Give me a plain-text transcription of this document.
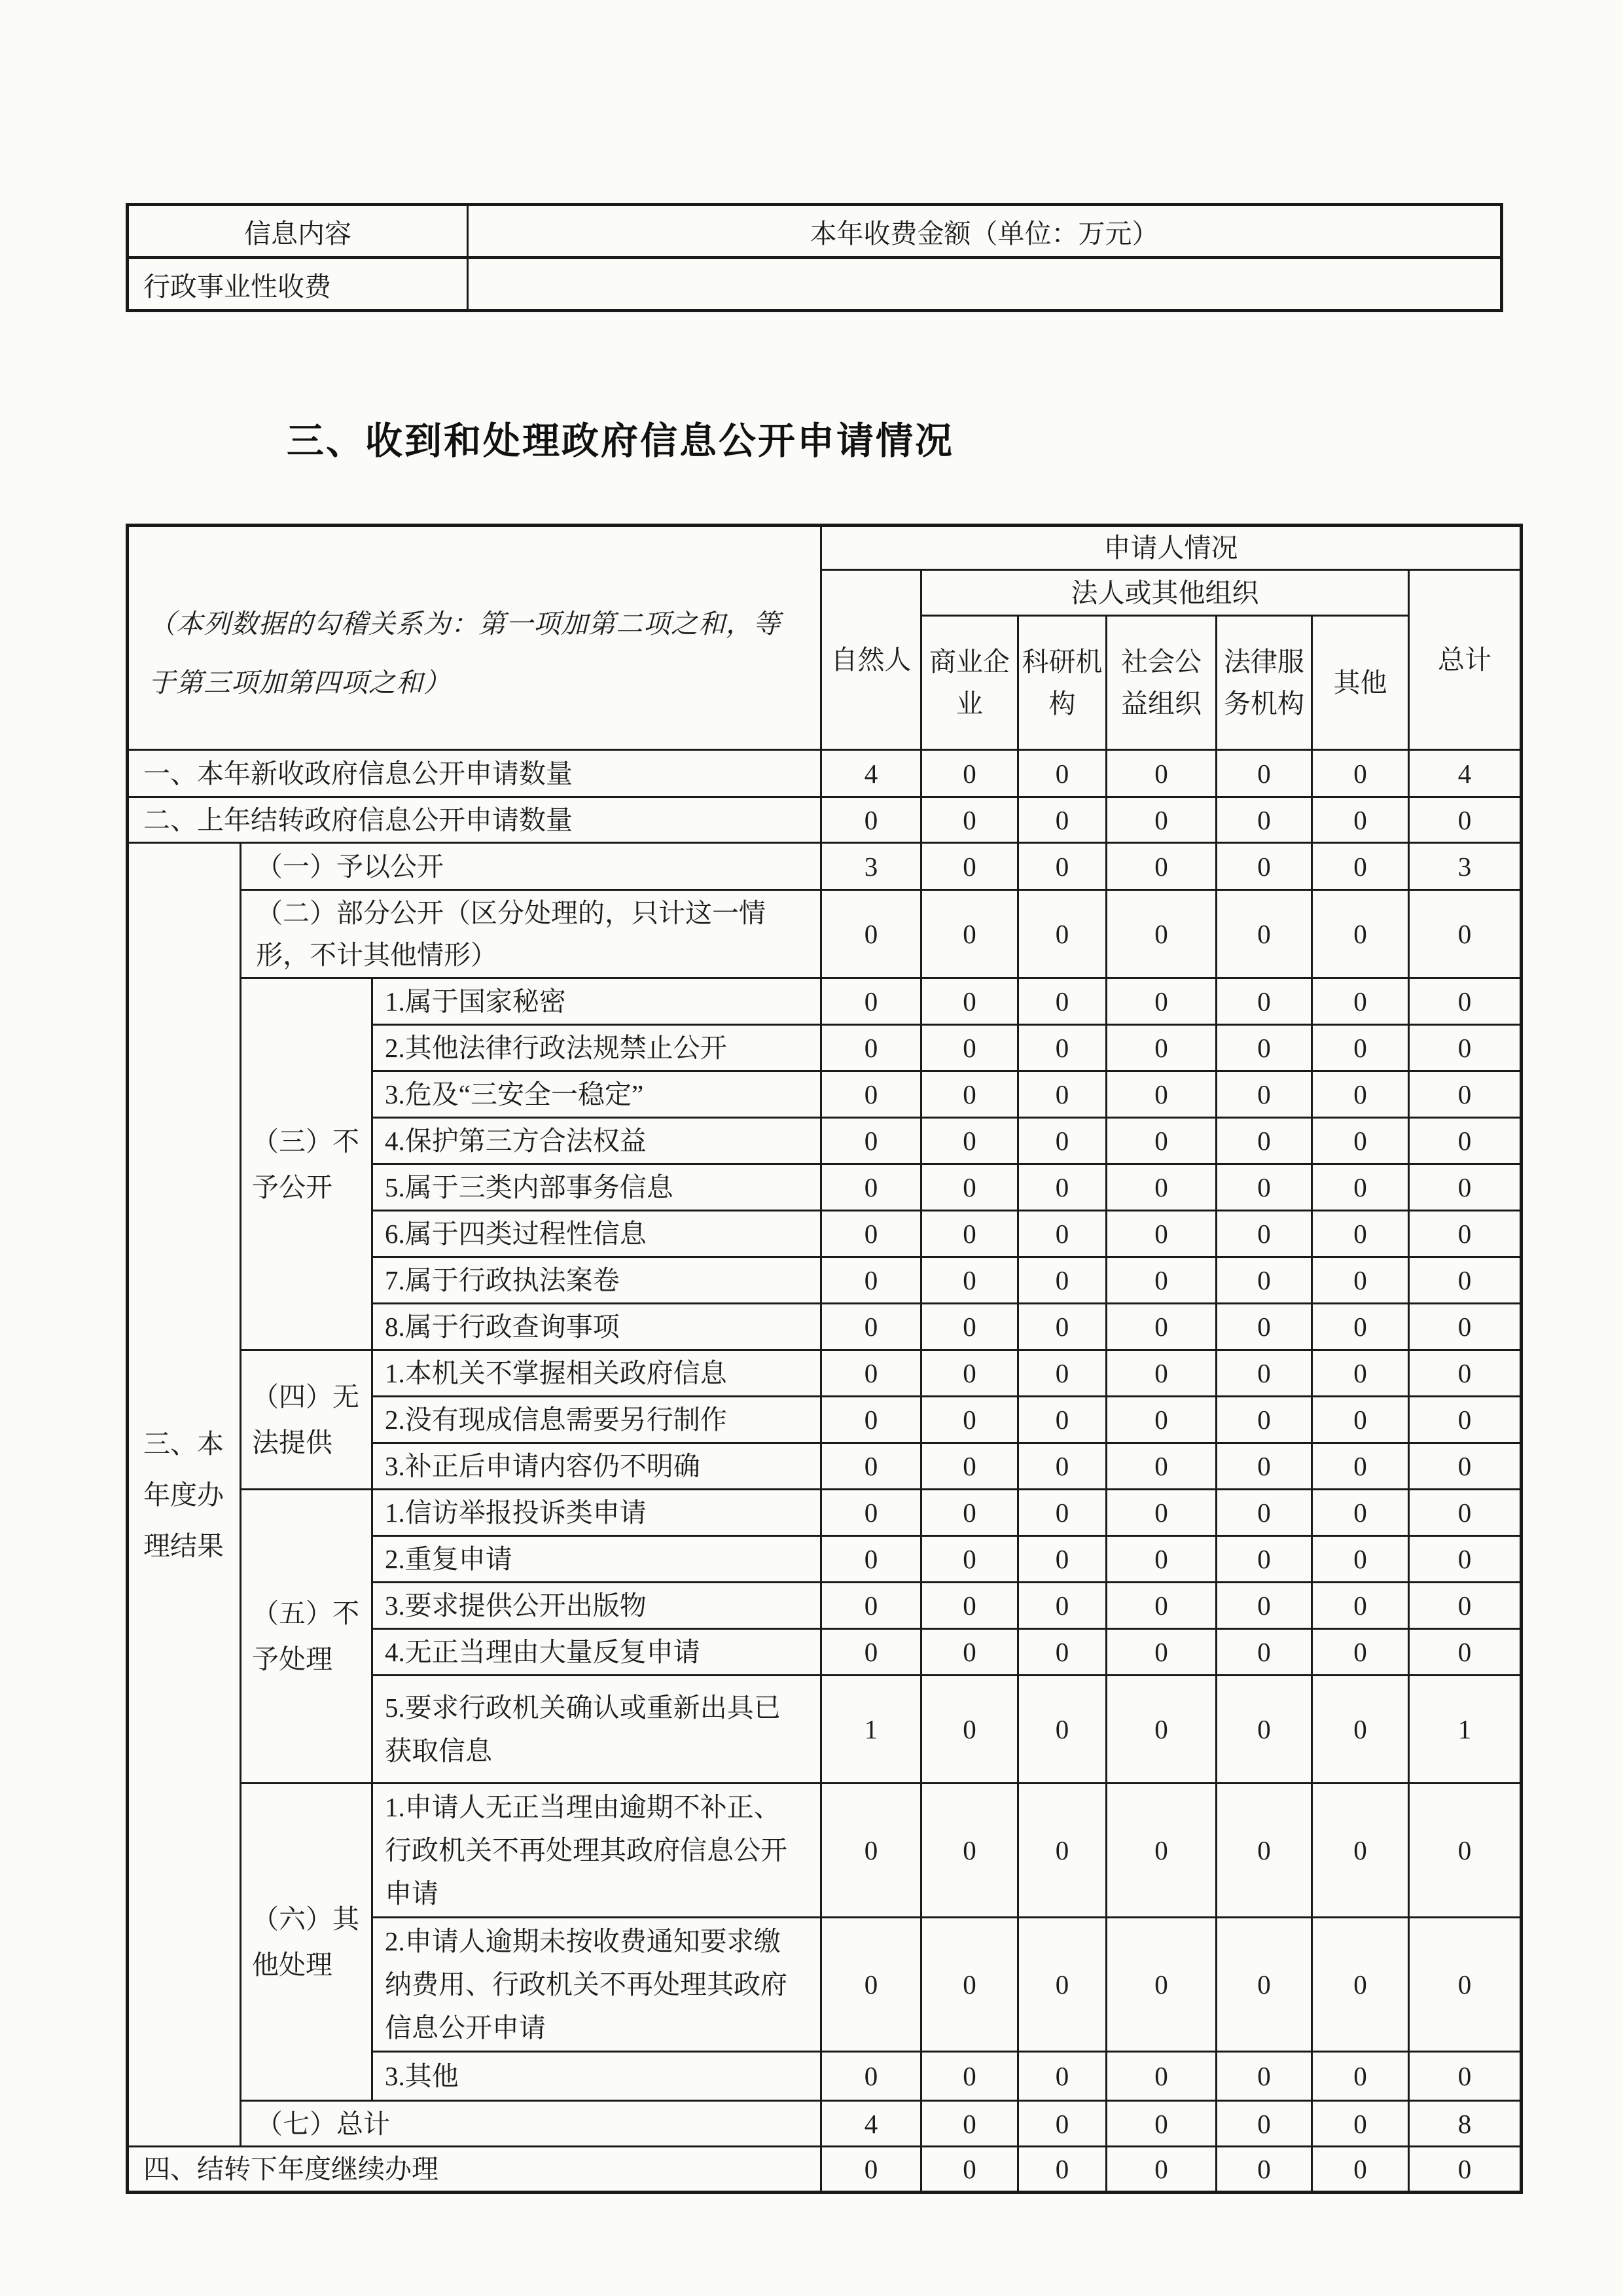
信息内容	本年收费金额（单位：万元）
行政事业性收费	
三、收到和处理政府信息公开申请情况
（本列数据的勾稽关系为：第一项加第二项之和，等于第三项加第四项之和）			申请人情况						
			自然人	法人或其他组织					总计
				商业企业	科研机构	社会公益组织	法律服务机构	其他	
一、本年新收政府信息公开申请数量			4	0	0	0	0	0	4
二、上年结转政府信息公开申请数量			0	0	0	0	0	0	0
三、本年度办理结果	（一）予以公开		3	0	0	0	0	0	3
	（二）部分公开（区分处理的，只计这一情形，不计其他情形）		0	0	0	0	0	0	0
	（三）不予公开	1.属于国家秘密	0	0	0	0	0	0	0
		2.其他法律行政法规禁止公开	0	0	0	0	0	0	0
		3.危及“三安全一稳定”	0	0	0	0	0	0	0
		4.保护第三方合法权益	0	0	0	0	0	0	0
		5.属于三类内部事务信息	0	0	0	0	0	0	0
		6.属于四类过程性信息	0	0	0	0	0	0	0
		7.属于行政执法案卷	0	0	0	0	0	0	0
		8.属于行政查询事项	0	0	0	0	0	0	0
	（四）无法提供	1.本机关不掌握相关政府信息	0	0	0	0	0	0	0
		2.没有现成信息需要另行制作	0	0	0	0	0	0	0
		3.补正后申请内容仍不明确	0	0	0	0	0	0	0
	（五）不予处理	1.信访举报投诉类申请	0	0	0	0	0	0	0
		2.重复申请	0	0	0	0	0	0	0
		3.要求提供公开出版物	0	0	0	0	0	0	0
		4.无正当理由大量反复申请	0	0	0	0	0	0	0
		5.要求行政机关确认或重新出具已获取信息	1	0	0	0	0	0	1
	（六）其他处理	1.申请人无正当理由逾期不补正、行政机关不再处理其政府信息公开申请	0	0	0	0	0	0	0
		2.申请人逾期未按收费通知要求缴纳费用、行政机关不再处理其政府信息公开申请	0	0	0	0	0	0	0
		3.其他	0	0	0	0	0	0	0
	（七）总计		4	0	0	0	0	0	8
四、结转下年度继续办理			0	0	0	0	0	0	0
